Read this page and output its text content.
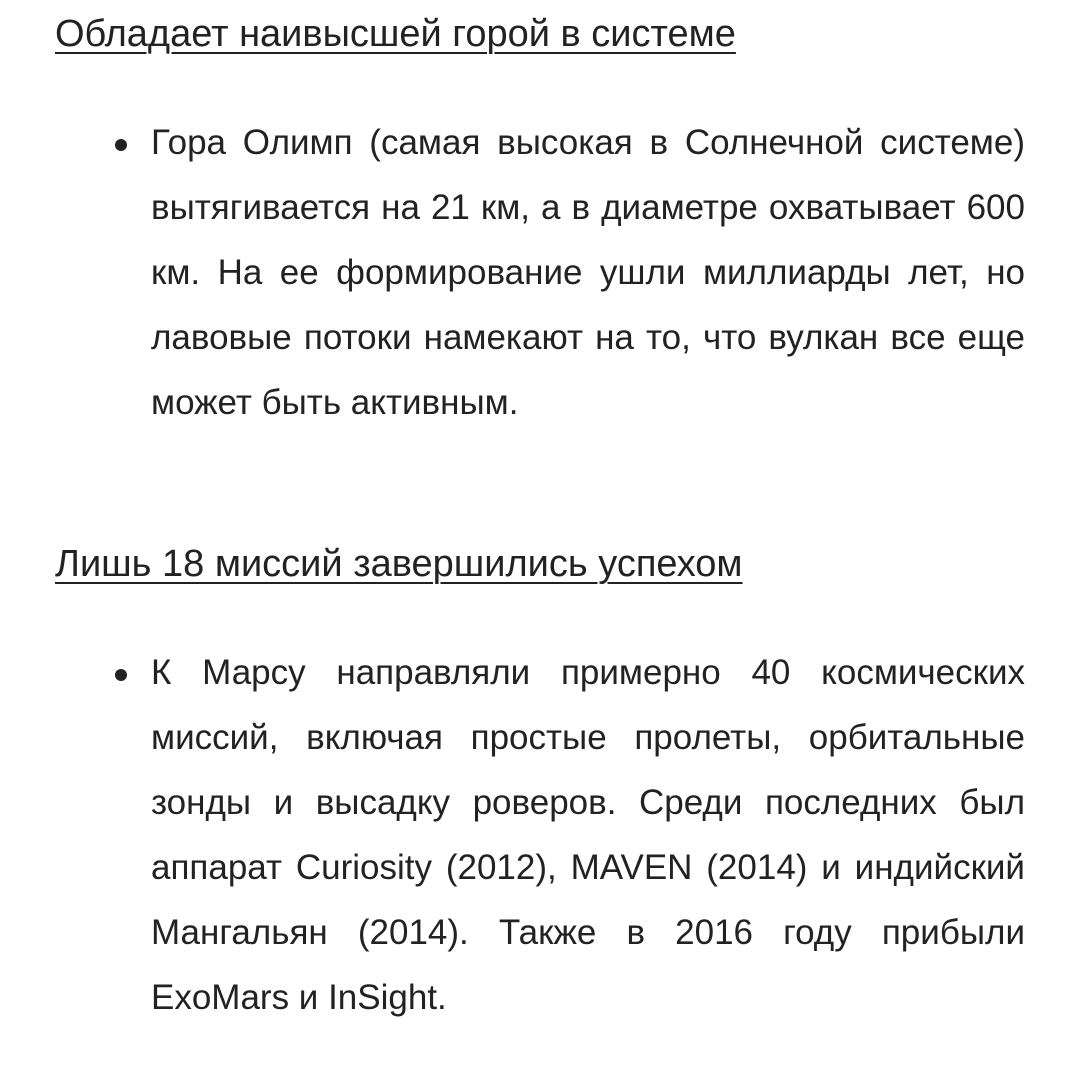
Обладает наивысшей горой в системе
Гора Олимп (самая высокая в Солнечной системе) вытягивается на 21 км, а в диаметре охватывает 600 км. На ее формирование ушли миллиарды лет, но лавовые потоки намекают на то, что вулкан все еще может быть активным.
Лишь 18 миссий завершились успехом
К Марсу направляли примерно 40 космических миссий, включая простые пролеты, орбитальные зонды и высадку роверов. Среди последних был аппарат Curiosity (2012), MAVEN (2014) и индийский Мангальян (2014). Также в 2016 году прибыли ExoMars и InSight.
